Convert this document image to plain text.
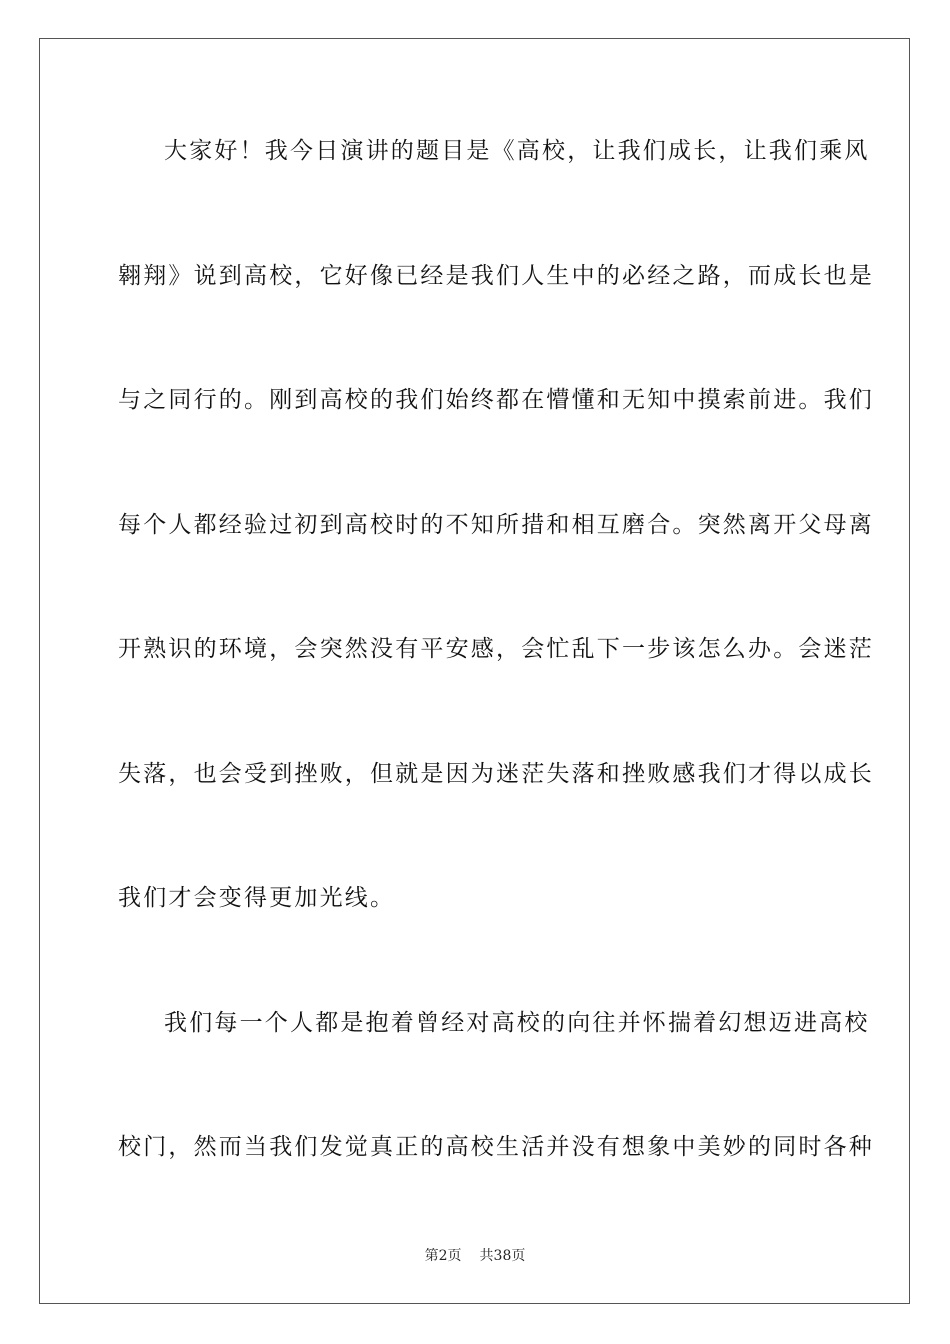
大家好！我今日演讲的题目是《高校，让我们成长，让我们乘风
翱翔》说到高校，它好像已经是我们人生中的必经之路，而成长也是
与之同行的。刚到高校的我们始终都在懵懂和无知中摸索前进。我们
每个人都经验过初到高校时的不知所措和相互磨合。突然离开父母离
开熟识的环境，会突然没有平安感，会忙乱下一步该怎么办。会迷茫
失落，也会受到挫败，但就是因为迷茫失落和挫败感我们才得以成长
我们才会变得更加光线。
我们每一个人都是抱着曾经对高校的向往并怀揣着幻想迈进高校
校门，然而当我们发觉真正的高校生活并没有想象中美妙的同时各种
第2页 共38页
